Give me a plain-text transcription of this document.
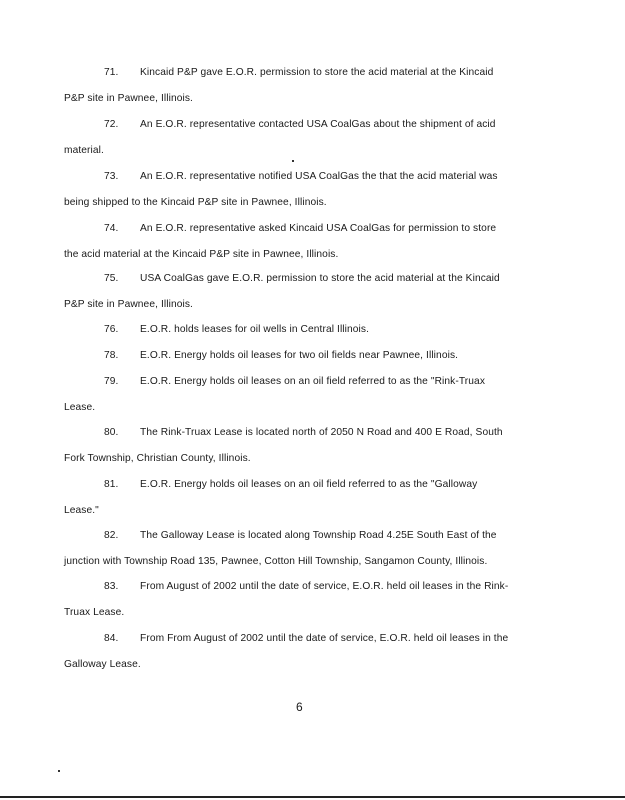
71. Kincaid P&P gave E.O.R. permission to store the acid material at the Kincaid
P&P site in Pawnee, Illinois.
72. An E.O.R. representative contacted USA CoalGas about the shipment of acid
material.
73. An E.O.R. representative notified USA CoalGas the that the acid material was
being shipped to the Kincaid P&P site in Pawnee, Illinois.
74. An E.O.R. representative asked Kincaid USA CoalGas for permission to store
the acid material at the Kincaid P&P site in Pawnee, Illinois.
75. USA CoalGas gave E.O.R. permission to store the acid material at the Kincaid
P&P site in Pawnee, Illinois.
76. E.O.R. holds leases for oil wells in Central Illinois.
78. E.O.R. Energy holds oil leases for two oil fields near Pawnee, Illinois.
79. E.O.R. Energy holds oil leases on an oil field referred to as the "Rink-Truax
Lease.
80. The Rink-Truax Lease is located north of 2050 N Road and 400 E Road, South
Fork Township, Christian County, Illinois.
81. E.O.R. Energy holds oil leases on an oil field referred to as the "Galloway
Lease."
82. The Galloway Lease is located along Township Road 4.25E South East of the
junction with Township Road 135, Pawnee, Cotton Hill Township, Sangamon County, Illinois.
83. From August of 2002 until the date of service, E.O.R. held oil leases in the Rink-
Truax Lease.
84. From From August of 2002 until the date of service, E.O.R. held oil leases in the
Galloway Lease.
6
